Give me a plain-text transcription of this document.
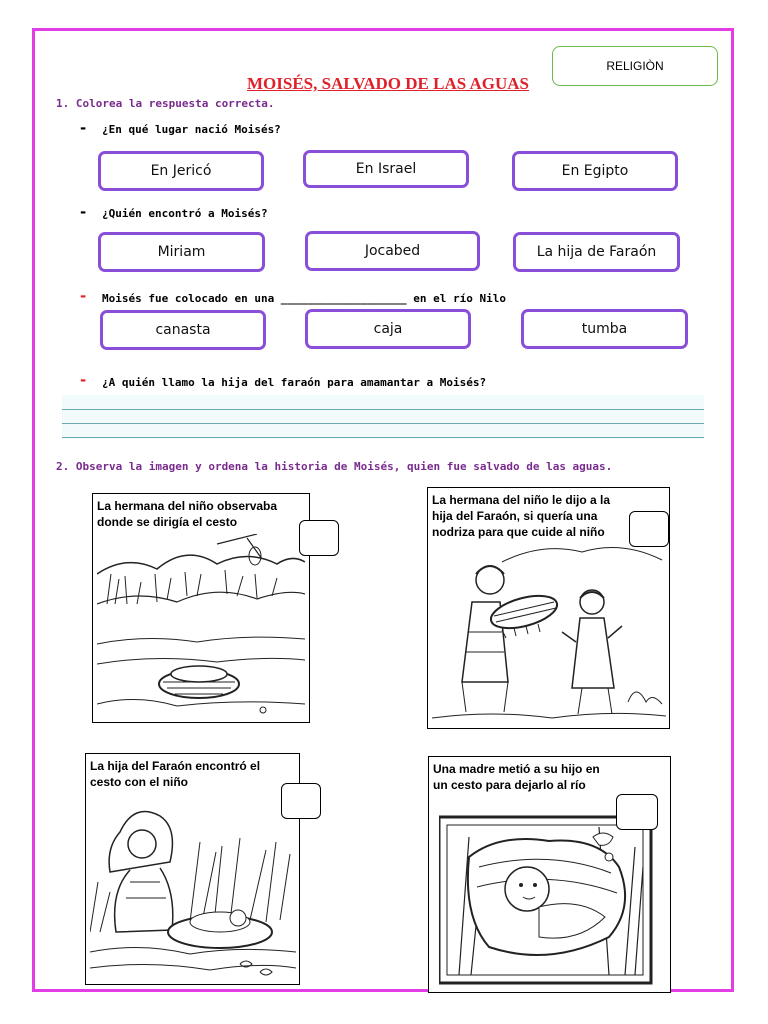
RELIGIÒN
MOISÉS, SALVADO DE LAS AGUAS
1. Colorea la respuesta correcta.
- ¿En qué lugar nació Moisés?
En Jericó	En Israel	En Egipto
- ¿Quién encontró a Moisés?
Miriam	Jocabed	La hija de Faraón
- Moisés fue colocado en una ___________________ en el río Nilo
canasta	caja	tumba
- ¿A quién llamo la hija del faraón para amamantar a Moisés?
2. Observa la imagen y ordena la historia de Moisés, quien fue salvado de las aguas.
La hermana del niño observaba
donde se dirigía el cesto
La hermana del niño le dijo a la
hija del Faraón, si quería una
nodriza para que cuide al niño
La hija del Faraón encontró el
cesto con el niño
Una madre metió a su hijo en
un cesto para dejarlo al río
